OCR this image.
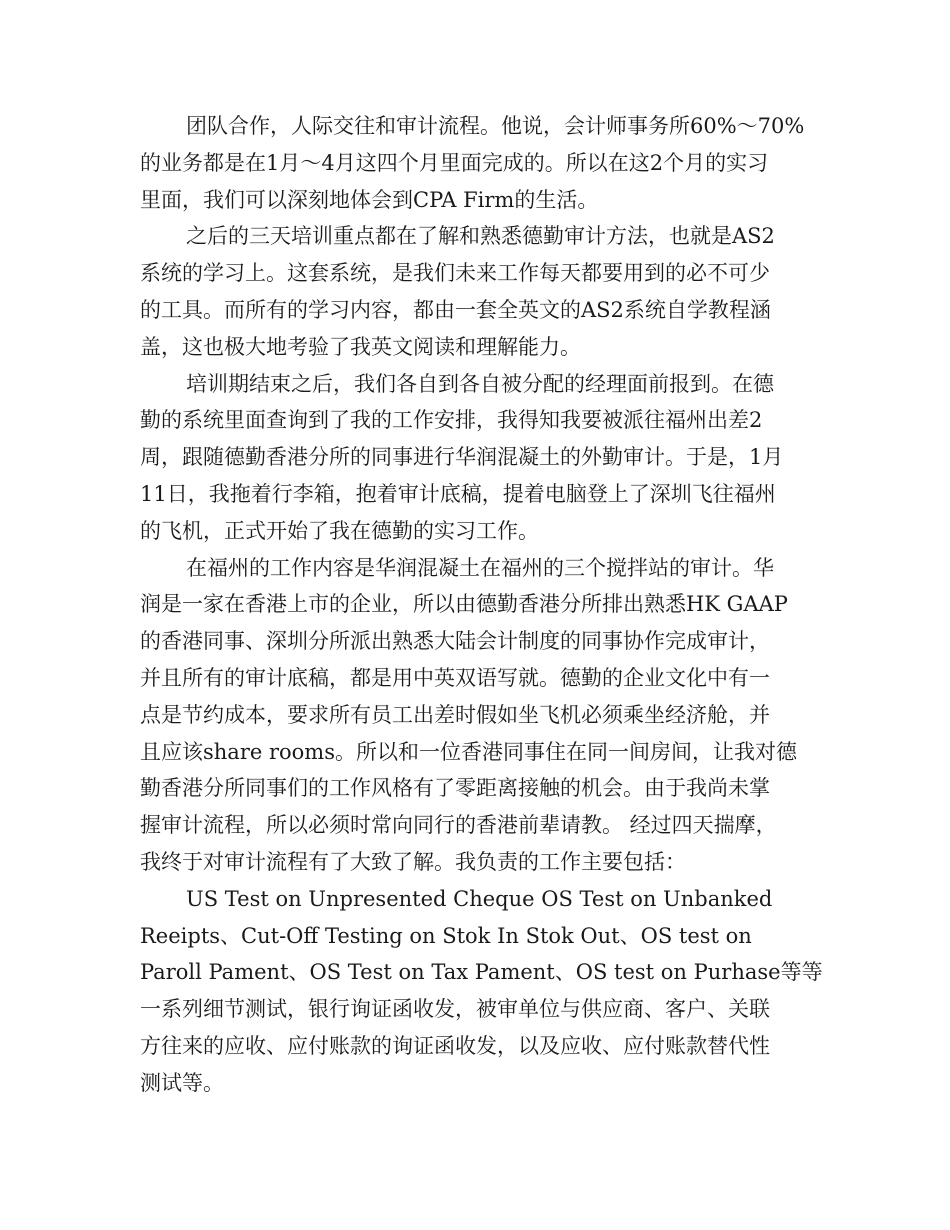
团队合作，人际交往和审计流程。他说，会计师事务所60%～70%
的业务都是在1月～4月这四个月里面完成的。所以在这2个月的实习
里面，我们可以深刻地体会到CPA Firm的生活。
之后的三天培训重点都在了解和熟悉德勤审计方法，也就是AS2
系统的学习上。这套系统，是我们未来工作每天都要用到的必不可少
的工具。而所有的学习内容，都由一套全英文的AS2系统自学教程涵
盖，这也极大地考验了我英文阅读和理解能力。
培训期结束之后，我们各自到各自被分配的经理面前报到。在德
勤的系统里面查询到了我的工作安排，我得知我要被派往福州出差2
周，跟随德勤香港分所的同事进行华润混凝土的外勤审计。于是，1月
11日，我拖着行李箱，抱着审计底稿，提着电脑登上了深圳飞往福州
的飞机，正式开始了我在德勤的实习工作。
在福州的工作内容是华润混凝土在福州的三个搅拌站的审计。华
润是一家在香港上市的企业，所以由德勤香港分所排出熟悉HK GAAP
的香港同事、深圳分所派出熟悉大陆会计制度的同事协作完成审计，
并且所有的审计底稿，都是用中英双语写就。德勤的企业文化中有一
点是节约成本，要求所有员工出差时假如坐飞机必须乘坐经济舱，并
且应该share rooms。所以和一位香港同事住在同一间房间，让我对德
勤香港分所同事们的工作风格有了零距离接触的机会。由于我尚未掌
握审计流程，所以必须时常向同行的香港前辈请教。 经过四天揣摩，
我终于对审计流程有了大致了解。我负责的工作主要包括：
US Test on Unpresented Cheque OS Test on Unbanked
Reeipts、Cut-Off Testing on Stok In Stok Out、OS test on
Paroll Pament、OS Test on Tax Pament、OS test on Purhase等等
一系列细节测试，银行询证函收发，被审单位与供应商、客户、关联
方往来的应收、应付账款的询证函收发，以及应收、应付账款替代性
测试等。
